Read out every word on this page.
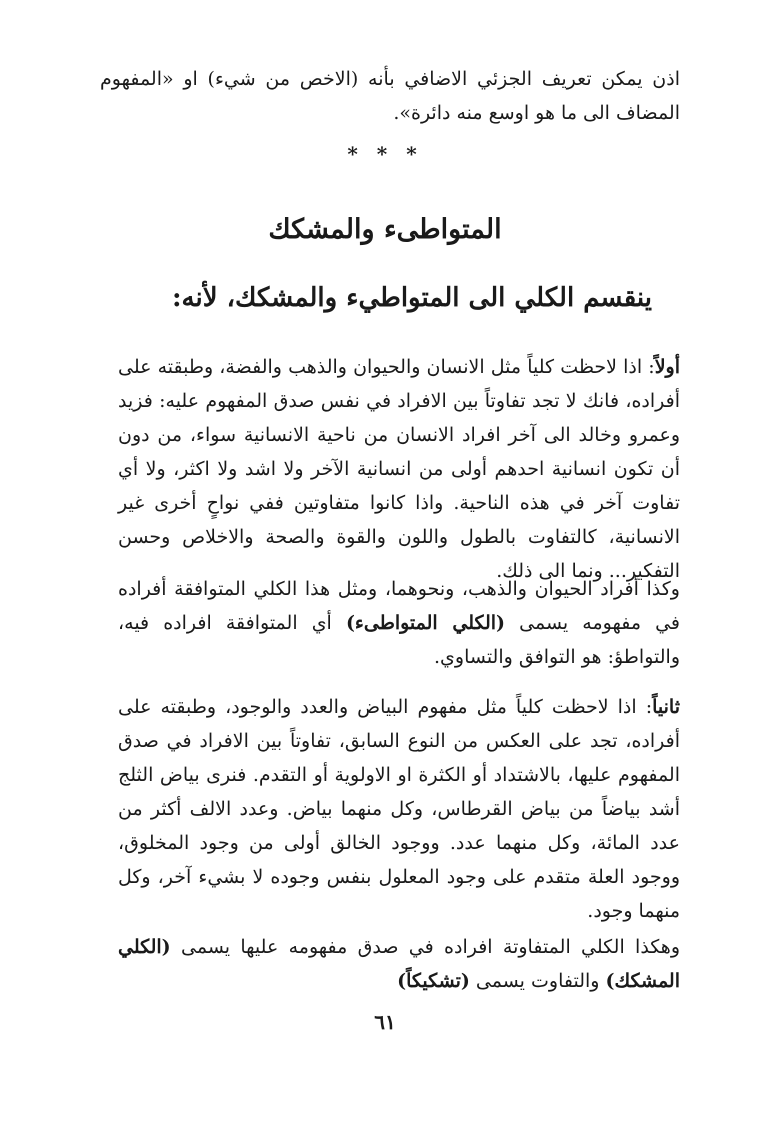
اذن يمكن تعريف الجزئي الاضافي بأنه (الاخص من شيء) او «المفهوم المضاف الى ما هو اوسع منه دائرة».

* * *
المتواطىء والمشكك
ينقسم الكلي الى المتواطيء والمشكك، لأنه:

أولاً: اذا لاحظت كلياً مثل الانسان والحيوان والذهب والفضة، وطبقته على أفراده، فانك لا تجد تفاوتاً بين الافراد في نفس صدق المفهوم عليه: فزيد وعمرو وخالد الى آخر افراد الانسان من ناحية الانسانية سواء، من دون أن تكون انسانية احدهم أولى من انسانية الآخر ولا اشد ولا اكثر، ولا أي تفاوت آخر في هذه الناحية. واذا كانوا متفاوتين ففي نواحٍ أخرى غير الانسانية، كالتفاوت بالطول واللون والقوة والصحة والاخلاص وحسن التفكير... ونما الى ذلك.

وكذا أفراد الحيوان والذهب، ونحوهما، ومثل هذا الكلي المتوافقة أفراده في مفهومه يسمى (الكلي المتواطىء) أي المتوافقة افراده فيه، والتواطؤ: هو التوافق والتساوي.

ثانياً: اذا لاحظت كلياً مثل مفهوم البياض والعدد والوجود، وطبقته على أفراده، تجد على العكس من النوع السابق، تفاوتاً بين الافراد في صدق المفهوم عليها، بالاشتداد أو الكثرة او الاولوية أو التقدم. فنرى بياض الثلج أشد بياضاً من بياض القرطاس، وكل منهما بياض. وعدد الالف أكثر من عدد المائة، وكل منهما عدد. ووجود الخالق أولى من وجود المخلوق، ووجود العلة متقدم على وجود المعلول بنفس وجوده لا بشيء آخر، وكل منهما وجود.

وهكذا الكلي المتفاوتة افراده في صدق مفهومه عليها يسمى (الكلي المشكك) والتفاوت يسمى (تشكيكاً)

٦١
